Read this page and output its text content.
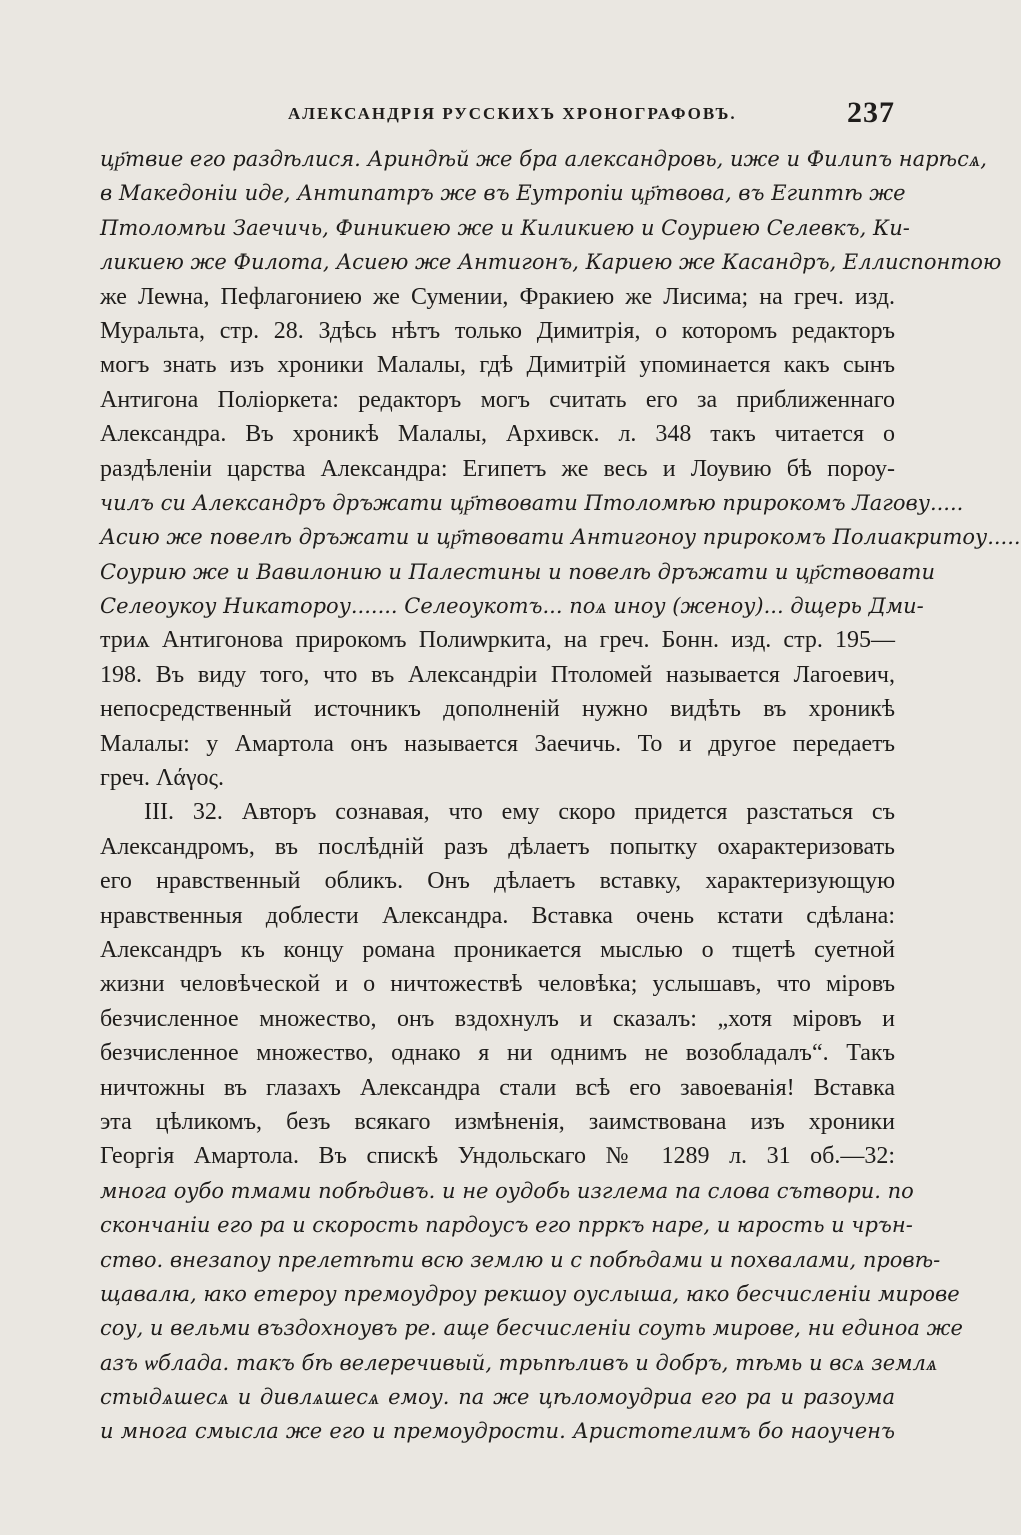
АЛЕКСАНДРІЯ РУССКИХЪ ХРОНОГРАФОВЪ.	237
цр҃твие его раздѣлися. Ариндѣй же бра александровь, иже и Филипъ нарѣсѧ,
в Македоніи иде, Антипатръ же въ Еутропіи цр҃твова, въ Египтѣ же
Птоломѣи Заечичь, Финикиею же и Киликиею и Соуриею Селевкъ, Ки-
ликиею же Филота, Асиею же Антигонъ, Кариею же Касандръ, Еллиспонтою
же Леѡна, Пефлагониею же Сумении, Фракиею же Лисима; на греч. изд.
Муральта, стр. 28. Здѣсь нѣтъ только Димитрія, о которомъ редакторъ
могъ знать изъ хроники Малалы, гдѣ Димитрій упоминается какъ сынъ
Антигона Поліоркета: редакторъ могъ считать его за приближеннаго
Александра. Въ хроникѣ Малалы, Архивск. л. 348 такъ читается о
раздѣленіи царства Александра: Египетъ же весь и Лоувию бѣ пороу-
чилъ си Александръ дръжати цр҃твовати Птоломѣю прирокомъ Лагову.....
Асию же повелѣ дръжати и цр҃твовати Антигоноу прирокомъ Полиакритоу.....
Соурию же и Вавилонию и Палестины и повелѣ дръжати и цр҃ствовати
Селеоукоу Никатороу....... Селеоукотъ... поѧ иноу (женоу)... дщерь Дми-
триѧ Антигонова прирокомъ Полиѡркита, на греч. Бонн. изд. стр. 195—
198. Въ виду того, что въ Александріи Птоломей называется Лагоевич,
непосредственный источникъ дополненій нужно видѣть въ хроникѣ
Малалы: у Амартола онъ называется Заечичь. То и другое передаетъ
греч. Λάγος.
III. 32. Авторъ сознавая, что ему скоро придется разстаться съ
Александромъ, въ послѣдній разъ дѣлаетъ попытку охарактеризовать
его нравственный обликъ. Онъ дѣлаетъ вставку, характеризующую
нравственныя доблести Александра. Вставка очень кстати сдѣлана:
Александръ къ концу романа проникается мыслью о тщетѣ суетной
жизни человѣческой и о ничтожествѣ человѣка; услышавъ, что міровъ
безчисленное множество, онъ вздохнулъ и сказалъ: „хотя міровъ и
безчисленное множество, однако я ни однимъ не возобладалъ“. Такъ
ничтожны въ глазахъ Александра стали всѣ его завоеванія! Вставка
эта цѣликомъ, безъ всякаго измѣненія, заимствована изъ хроники
Георгія Амартола. Въ спискѣ Ундольскаго № 1289 л. 31 об.—32:
многа оубо тмами побѣдивъ. и не оудобь изглема па слова сътвори. по
скончаніи его ра и скорость пардоусъ его прркъ наре, и ꙗрость и чрън-
ство. внезапоу прелетѣти всю землю и с побѣдами и похвалами, провѣ-
щавалꙗ, ꙗко етероу премоудроу рекшоу оуслыша, ꙗко бесчисленіи мирове
соу, и вельми въздохноувъ ре. аще бесчисленіи соуть мирове, ни единоа же
азъ ѡблада. такъ бѣ велеречивый, трьпѣливъ и добръ, тѣмь и всѧ землѧ
стыдѧшесѧ и дивлѧшесѧ емоу. па же цѣломоудриа его ра и разоума
и многа смысла же его и премоудрости. Аристотелимъ бо наоученъ
